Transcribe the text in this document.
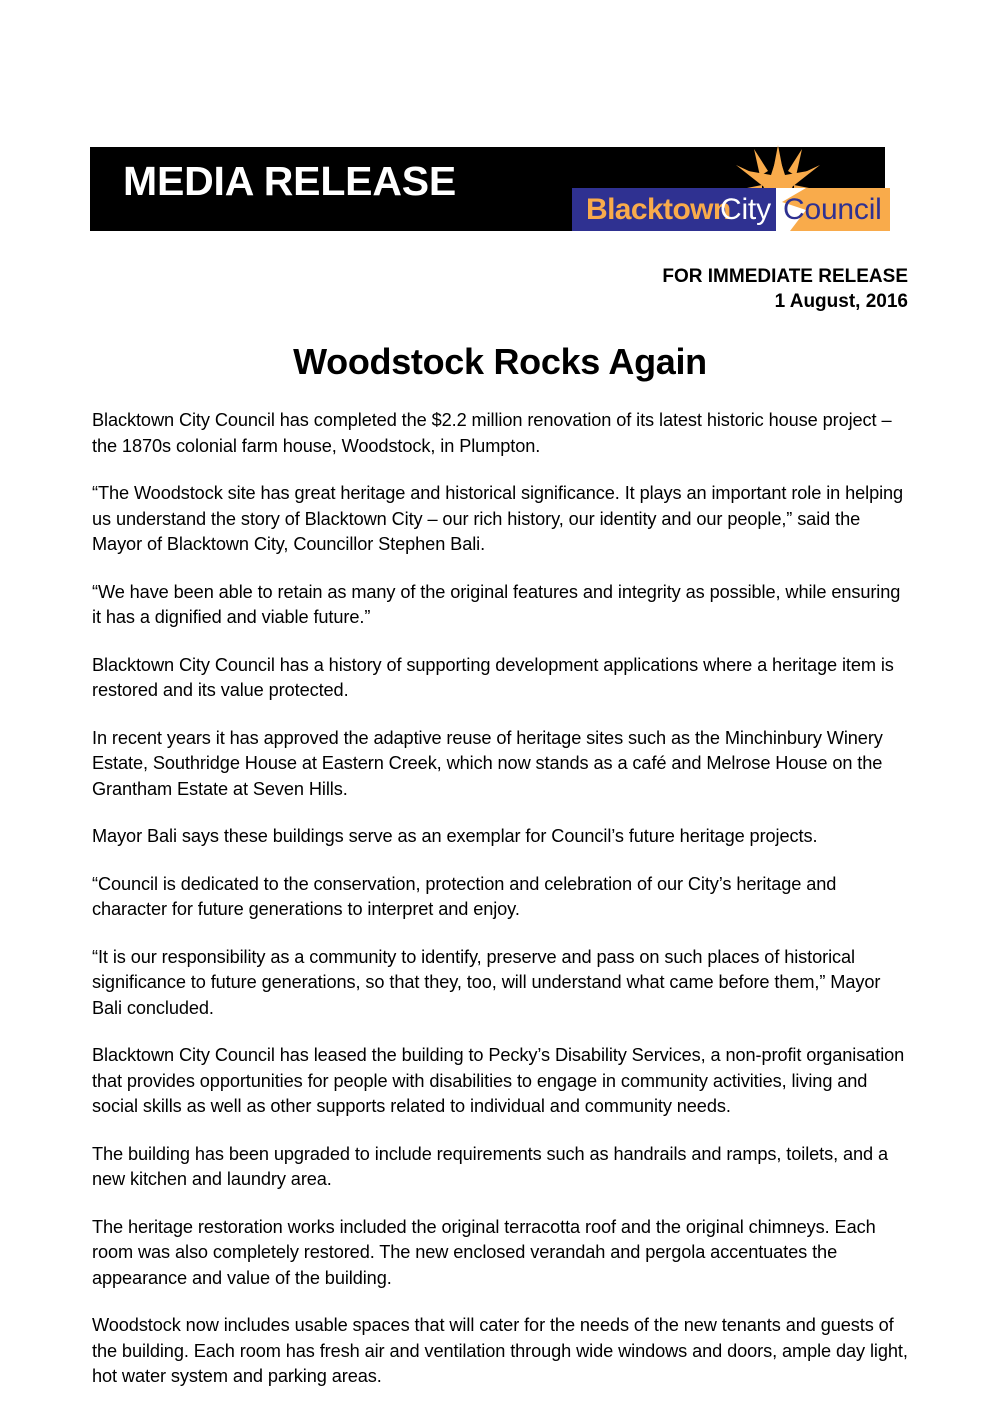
MEDIA RELEASE
Blacktown
City Council
FOR IMMEDIATE RELEASE
1 August, 2016
Woodstock Rocks Again

Blacktown City Council has completed the $2.2 million renovation of its latest historic house project – the 1870s colonial farm house, Woodstock, in Plumpton.

“The Woodstock site has great heritage and historical significance. It plays an important role in helping us understand the story of Blacktown City – our rich history, our identity and our people,” said the Mayor of Blacktown City, Councillor Stephen Bali.

“We have been able to retain as many of the original features and integrity as possible, while ensuring it has a dignified and viable future.”

Blacktown City Council has a history of supporting development applications where a heritage item is restored and its value protected.

In recent years it has approved the adaptive reuse of heritage sites such as the Minchinbury Winery Estate, Southridge House at Eastern Creek, which now stands as a café and Melrose House on the Grantham Estate at Seven Hills.

Mayor Bali says these buildings serve as an exemplar for Council’s future heritage projects.

“Council is dedicated to the conservation, protection and celebration of our City’s heritage and character for future generations to interpret and enjoy.

“It is our responsibility as a community to identify, preserve and pass on such places of historical significance to future generations, so that they, too, will understand what came before them,” Mayor Bali concluded.

Blacktown City Council has leased the building to Pecky’s Disability Services, a non-profit organisation that provides opportunities for people with disabilities to engage in community activities, living and social skills as well as other supports related to individual and community needs.

The building has been upgraded to include requirements such as handrails and ramps, toilets, and a new kitchen and laundry area.

The heritage restoration works included the original terracotta roof and the original chimneys. Each room was also completely restored. The new enclosed verandah and pergola accentuates the appearance and value of the building.

Woodstock now includes usable spaces that will cater for the needs of the new tenants and guests of the building. Each room has fresh air and ventilation through wide windows and doors, ample day light, hot water system and parking areas.
